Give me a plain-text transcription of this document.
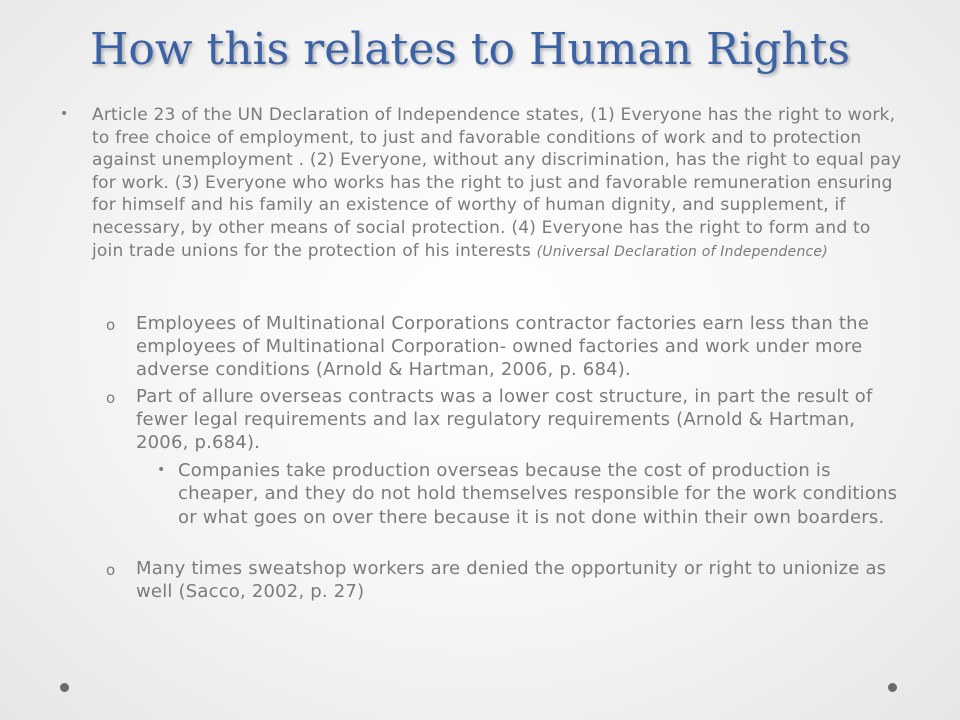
How this relates to Human Rights
• Article 23 of the UN Declaration of Independence states, (1) Everyone has the right to work, to free choice of employment, to just and favorable conditions of work and to protection against unemployment . (2) Everyone, without any discrimination, has the right to equal pay for work. (3) Everyone who works has the right to just and favorable remuneration ensuring for himself and his family an existence of worthy of human dignity, and supplement, if necessary, by other means of social protection. (4) Everyone has the right to form and to join trade unions for the protection of his interests (Universal Declaration of Independence)

o Employees of Multinational Corporations contractor factories earn less than the employees of Multinational Corporation- owned factories and work under more adverse conditions (Arnold & Hartman, 2006, p. 684).

o Part of allure overseas contracts was a lower cost structure, in part the result of fewer legal requirements and lax regulatory requirements (Arnold & Hartman, 2006, p.684).

• Companies take production overseas because the cost of production is cheaper, and they do not hold themselves responsible for the work conditions or what goes on over there because it is not done within their own boarders.

o Many times sweatshop workers are denied the opportunity or right to unionize as well (Sacco, 2002, p. 27)
